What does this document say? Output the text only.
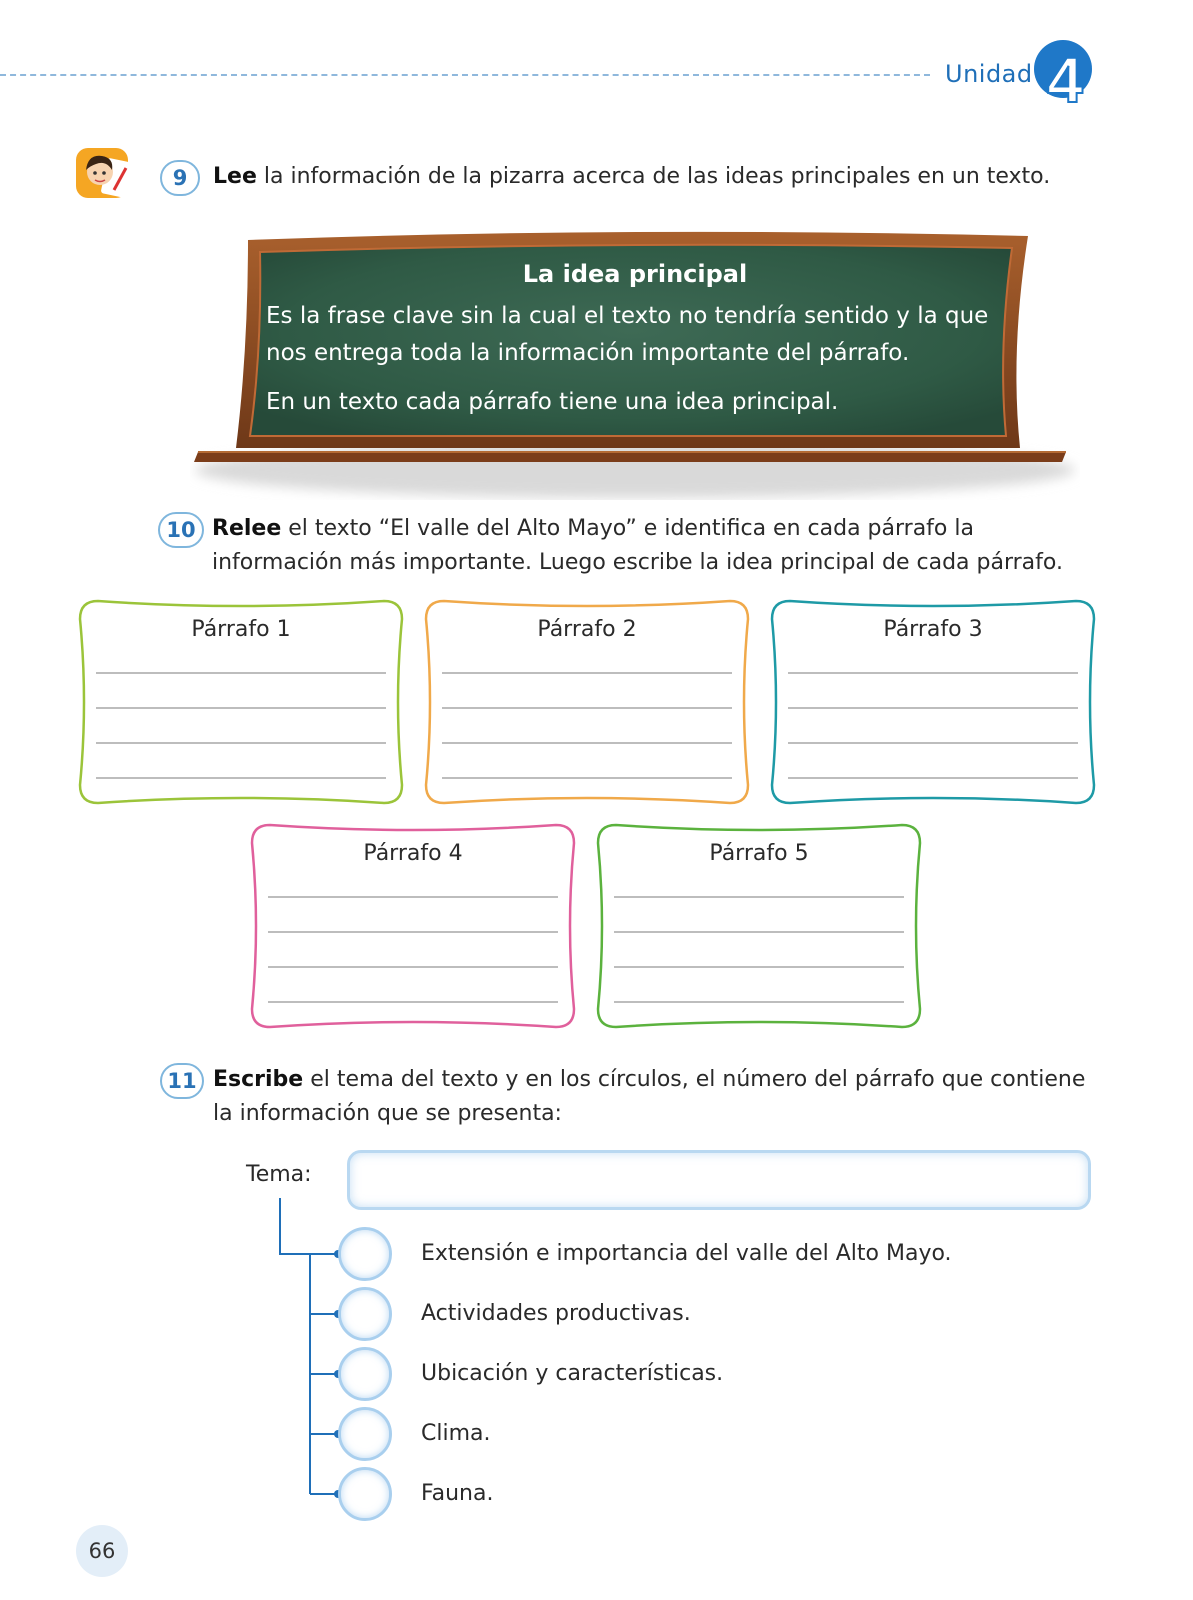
Unidad 4
9	Lee la información de la pizarra acerca de las ideas principales en un texto.
La idea principal
Es la frase clave sin la cual el texto no tendría sentido y la que
nos entrega toda la información importante del párrafo.
En un texto cada párrafo tiene una idea principal.
10 Relee el texto “El valle del Alto Mayo” e identifica en cada párrafo la
información más importante. Luego escribe la idea principal de cada párrafo.
Párrafo 1	Párrafo 2	Párrafo 3
Párrafo 4	Párrafo 5
11 Escribe el tema del texto y en los círculos, el número del párrafo que contiene
la información que se presenta:
Tema:
Extensión e importancia del valle del Alto Mayo.
Actividades productivas.
Ubicación y características.
Clima.
Fauna.
66
